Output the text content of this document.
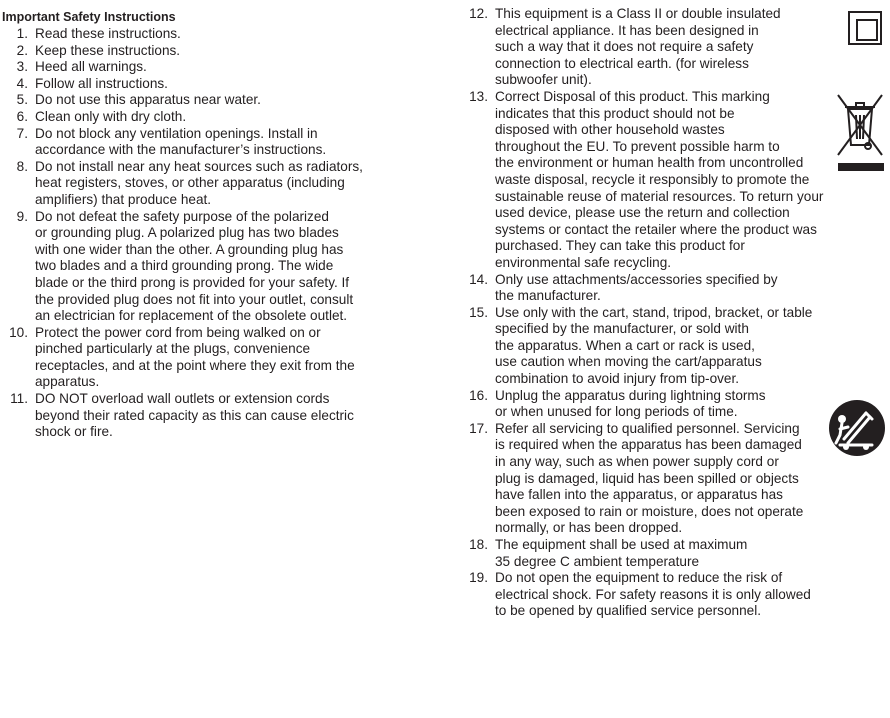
Important Safety Instructions
1. Read these instructions.
2. Keep these instructions.
3. Heed all warnings.
4. Follow all instructions.
5. Do not use this apparatus near water.
6. Clean only with dry cloth.
7. Do not block any ventilation openings. Install in
accordance with the manufacturer’s instructions.
8. Do not install near any heat sources such as radiators,
heat registers, stoves, or other apparatus (including
amplifiers) that produce heat.
9. Do not defeat the safety purpose of the polarized
or grounding plug. A polarized plug has two blades
with one wider than the other. A grounding plug has
two blades and a third grounding prong. The wide
blade or the third prong is provided for your safety. If
the provided plug does not fit into your outlet, consult
an electrician for replacement of the obsolete outlet.
10. Protect the power cord from being walked on or
pinched particularly at the plugs, convenience
receptacles, and at the point where they exit from the
apparatus.
11. DO NOT overload wall outlets or extension cords
beyond their rated capacity as this can cause electric
shock or fire.
12. This equipment is a Class II or double insulated
electrical appliance. It has been designed in
such a way that it does not require a safety
connection to electrical earth. (for wireless
subwoofer unit).
13. Correct Disposal of this product. This marking
indicates that this product should not be
disposed with other household wastes
throughout the EU. To prevent possible harm to
the environment or human health from uncontrolled
waste disposal, recycle it responsibly to promote the
sustainable reuse of material resources. To return your
used device, please use the return and collection
systems or contact the retailer where the product was
purchased. They can take this product for
environmental safe recycling.
14. Only use attachments/accessories specified by
the manufacturer.
15. Use only with the cart, stand, tripod, bracket, or table
specified by the manufacturer, or sold with
the apparatus. When a cart or rack is used,
use caution when moving the cart/apparatus
combination to avoid injury from tip-over.
16. Unplug the apparatus during lightning storms
or when unused for long periods of time.
17. Refer all servicing to qualified personnel. Servicing
is required when the apparatus has been damaged
in any way, such as when power supply cord or
plug is damaged, liquid has been spilled or objects
have fallen into the apparatus, or apparatus has
been exposed to rain or moisture, does not operate
normally, or has been dropped.
18. The equipment shall be used at maximum
35 degree C ambient temperature
19. Do not open the equipment to reduce the risk of
electrical shock. For safety reasons it is only allowed
to be opened by qualified service personnel.
